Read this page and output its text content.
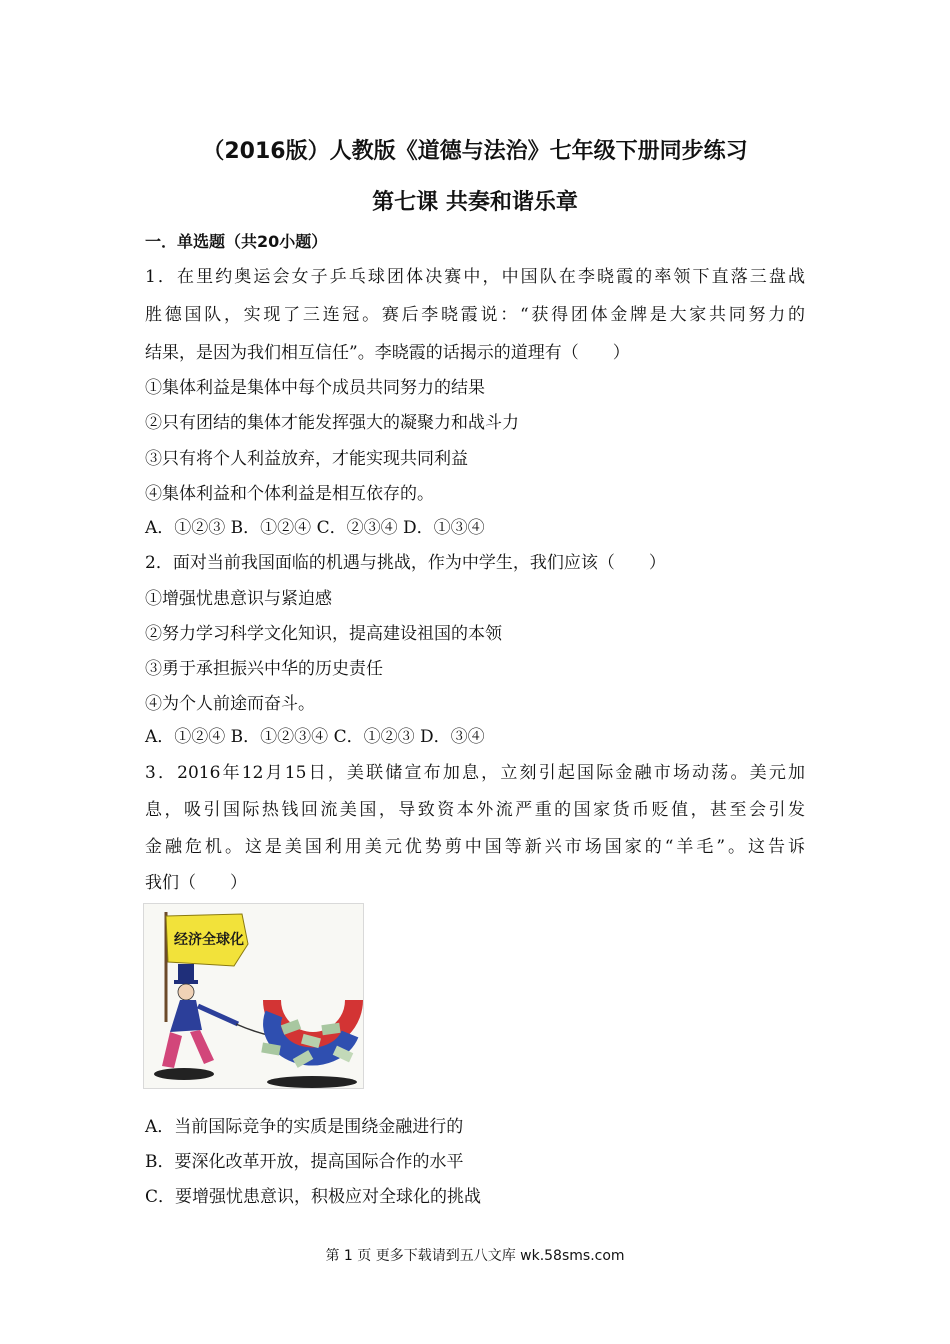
（2016版）人教版《道德与法治》七年级下册同步练习
第七课 共奏和谐乐章
一．单选题（共20小题）
1．在里约奥运会女子乒乓球团体决赛中，中国队在李晓霞的率领下直落三盘战
胜德国队，实现了三连冠。赛后李晓霞说：“获得团体金牌是大家共同努力的
结果，是因为我们相互信任”。李晓霞的话揭示的道理有（　　）
①集体利益是集体中每个成员共同努力的结果
②只有团结的集体才能发挥强大的凝聚力和战斗力
③只有将个人利益放弃，才能实现共同利益
④集体利益和个体利益是相互依存的。
A．①②③ B．①②④ C．②③④ D．①③④
2．面对当前我国面临的机遇与挑战，作为中学生，我们应该（　　）
①增强忧患意识与紧迫感
②努力学习科学文化知识，提高建设祖国的本领
③勇于承担振兴中华的历史责任
④为个人前途而奋斗。
A．①②④ B．①②③④ C．①②③ D．③④
3．2016年12月15日，美联储宣布加息，立刻引起国际金融市场动荡。美元加
息，吸引国际热钱回流美国，导致资本外流严重的国家货币贬值，甚至会引发
金融危机。这是美国利用美元优势剪中国等新兴市场国家的“羊毛”。这告诉
我们（　　）
经济全球化
A．当前国际竞争的实质是围绕金融进行的
B．要深化改革开放，提高国际合作的水平
C．要增强忧患意识，积极应对全球化的挑战
第 1 页 更多下载请到五八文库 wk.58sms.com
